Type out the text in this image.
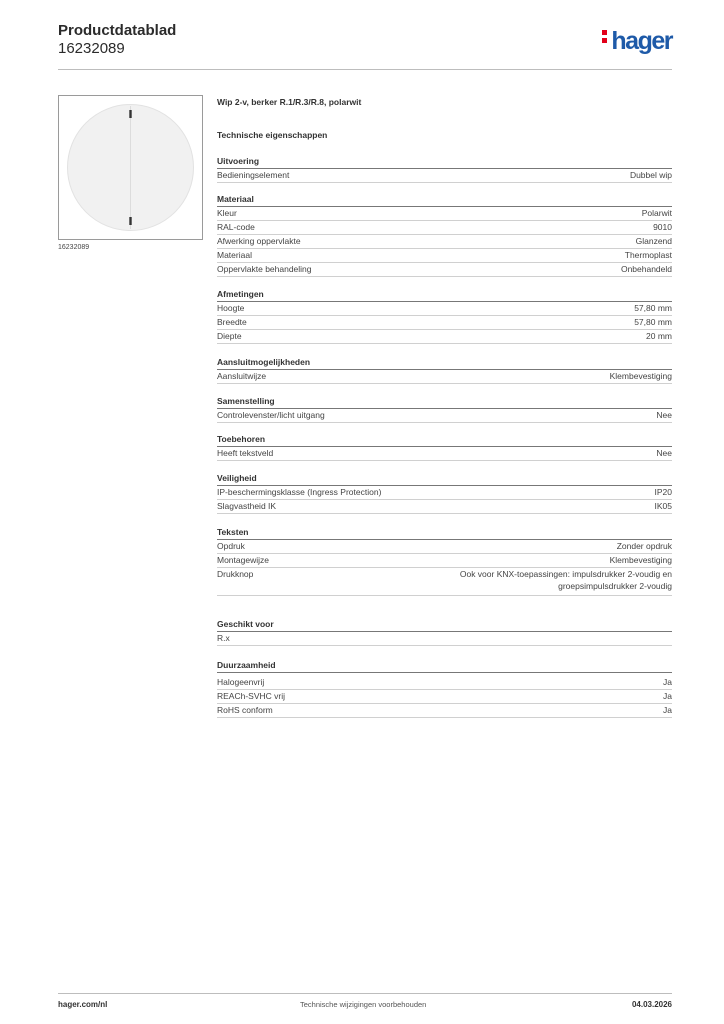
Productdatablad
16232089	hager
16232089
Wip 2-v, berker R.1/R.3/R.8, polarwit
Technische eigenschappen
Uitvoering
Bedieningselement	Dubbel wip
Materiaal
Kleur	Polarwit
RAL-code	9010
Afwerking oppervlakte	Glanzend
Materiaal	Thermoplast
Oppervlakte behandeling	Onbehandeld
Afmetingen
Hoogte	57,80 mm
Breedte	57,80 mm
Diepte	20 mm
Aansluitmogelijkheden
Aansluitwijze	Klembevestiging
Samenstelling
Controlevenster/licht uitgang	Nee
Toebehoren
Heeft tekstveld	Nee
Veiligheid
IP-beschermingsklasse (Ingress Protection)	IP20
Slagvastheid IK	IK05
Teksten
Opdruk	Zonder opdruk
Montagewijze	Klembevestiging
Drukknop	Ook voor KNX-toepassingen: impulsdrukker 2-voudig en groepsimpulsdrukker 2-voudig
Geschikt voor
R.x
Duurzaamheid
Halogeenvrij	Ja
REACh-SVHC vrij	Ja
RoHS conform	Ja
hager.com/nl	Technische wijzigingen voorbehouden	04.03.2026
